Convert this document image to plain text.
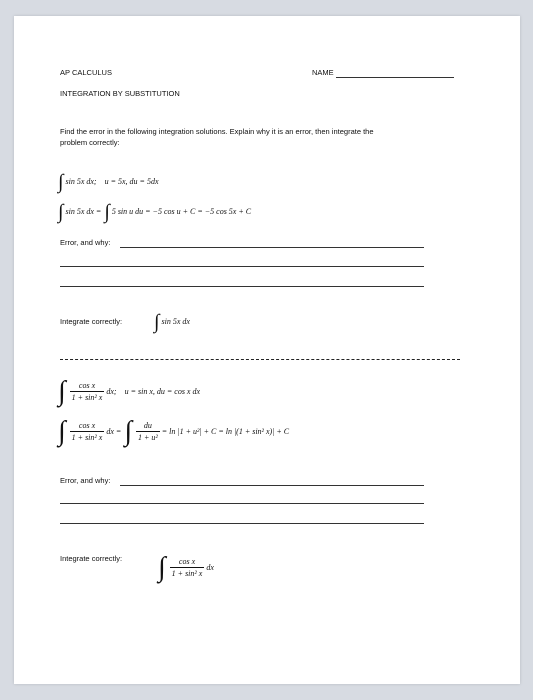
AP CALCULUS	NAME
INTEGRATION BY SUBSTITUTION
Find the error in the following integration solutions. Explain why it is an error, then integrate the
problem correctly:
∫ sin 5x dx; u = 5x, du = 5dx
∫ sin 5x dx = ∫ 5 sin u du = −5 cos u + C = −5 cos 5x + C
Error, and why:
Integrate correctly: ∫ sin 5x dx
∫ $\frac{\text{cos x}}{\text{1 + sin² x}}$ dx; u = sin x, du = cos x dx
∫ $\frac{\text{cos x}}{\text{1 + sin² x}}$ dx = ∫ $\frac{du}{\text{1 + u²}} = \ln |1 + u^2| + C = \ln |(1 + \sin^2$ x)| + C
Error, and why:
Integrate correctly: ∫ $\frac{\text{cos x}}{\text{1 + sin² x}}$ dx
